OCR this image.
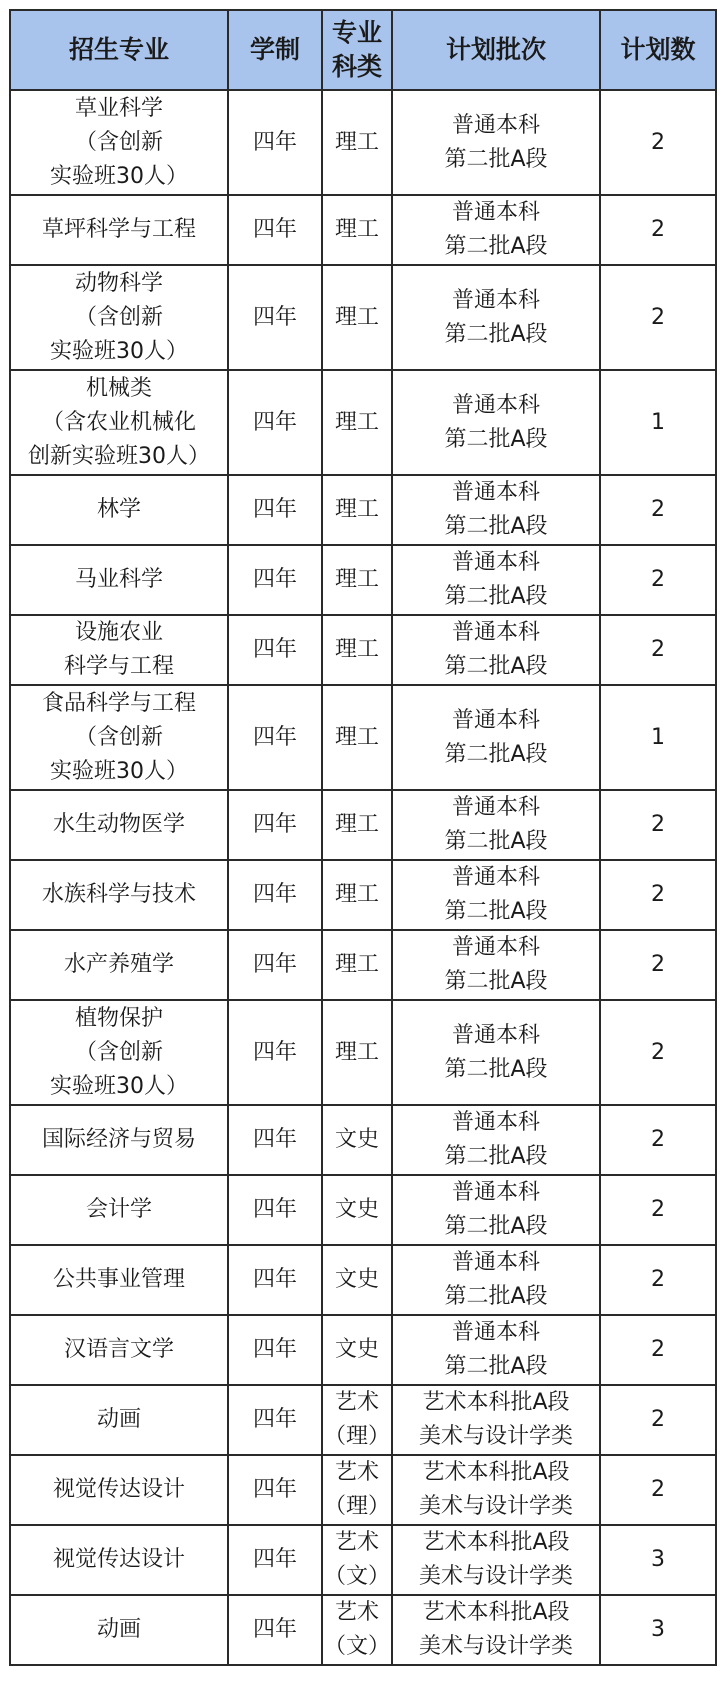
招生专业	学制	专业
科类	计划批次	计划数

草业科学
（含创新
实验班30人）	四年	理工	普通本科
第二批A段	2

草坪科学与工程	四年	理工	普通本科
第二批A段	2

动物科学
（含创新
实验班30人）	四年	理工	普通本科
第二批A段	2

机械类
（含农业机械化
创新实验班30人）	四年	理工	普通本科
第二批A段	1

林学	四年	理工	普通本科
第二批A段	2

马业科学	四年	理工	普通本科
第二批A段	2

设施农业
科学与工程	四年	理工	普通本科
第二批A段	2

食品科学与工程
（含创新
实验班30人）	四年	理工	普通本科
第二批A段	1

水生动物医学	四年	理工	普通本科
第二批A段	2

水族科学与技术	四年	理工	普通本科
第二批A段	2

水产养殖学	四年	理工	普通本科
第二批A段	2

植物保护
（含创新
实验班30人）	四年	理工	普通本科
第二批A段	2

国际经济与贸易	四年	文史	普通本科
第二批A段	2

会计学	四年	文史	普通本科
第二批A段	2

公共事业管理	四年	文史	普通本科
第二批A段	2

汉语言文学	四年	文史	普通本科
第二批A段	2

动画	四年	艺术
（理）	艺术本科批A段
美术与设计学类	2

视觉传达设计	四年	艺术
（理）	艺术本科批A段
美术与设计学类	2

视觉传达设计	四年	艺术
（文）	艺术本科批A段
美术与设计学类	3

动画	四年	艺术
（文）	艺术本科批A段
美术与设计学类	3
